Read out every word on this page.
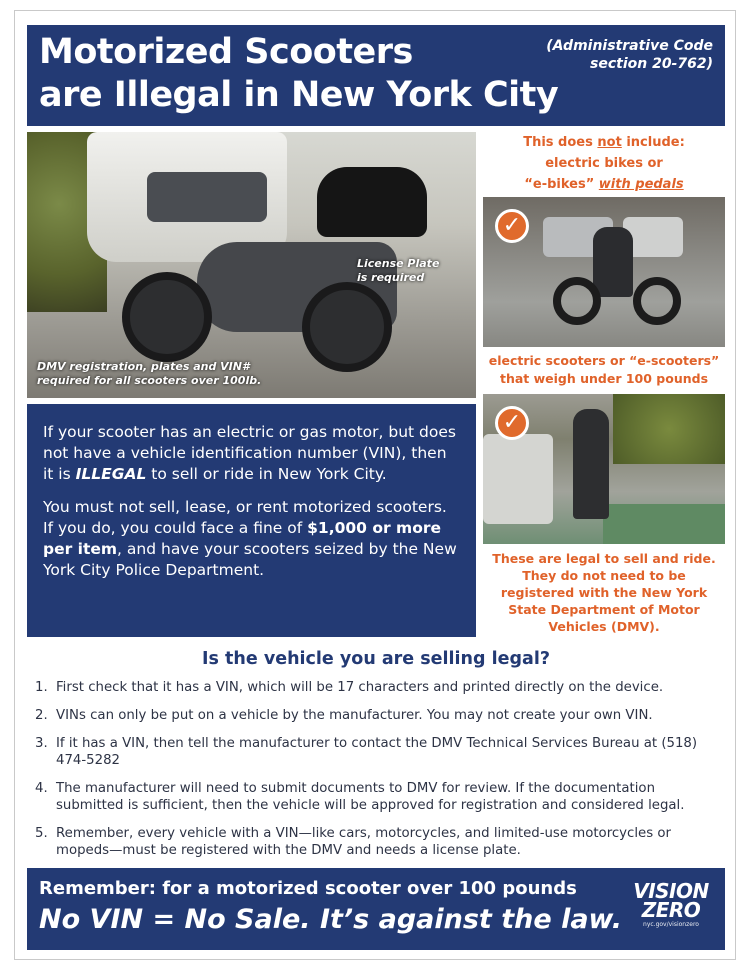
Motorized Scooters
are Illegal in New York City
(Administrative Code
section 20-762)
License Plate
is required
DMV registration, plates and VIN#
required for all scooters over 100lb.
This does not include:
electric bikes or
“e-bikes” with pedals
✓
electric scooters or “e-scooters”
that weigh under 100 pounds
✓
These are legal to sell and ride.
They do not need to be
registered with the New York
State Department of Motor
Vehicles (DMV).

If your scooter has an electric or gas motor, but does not have a vehicle identification number (VIN), then it is ILLEGAL to sell or ride in New York City.

You must not sell, lease, or rent motorized scooters. If you do, you could face a fine of $1,000 or more per item, and have your scooters seized by the New York City Police Department.

Is the vehicle you are selling legal?
1. First check that it has a VIN, which will be 17 characters and printed directly on the device.
2. VINs can only be put on a vehicle by the manufacturer. You may not create your own VIN.
3. If it has a VIN, then tell the manufacturer to contact the DMV Technical Services Bureau at (518) 474-5282
4. The manufacturer will need to submit documents to DMV for review. If the documentation submitted is sufficient, then the vehicle will be approved for registration and considered legal.
5. Remember, every vehicle with a VIN—like cars, motorcycles, and limited-use motorcycles or mopeds—must be registered with the DMV and needs a license plate.
Remember: for a motorized scooter over 100 pounds
No VIN = No Sale. It’s against the law.
VISION
ZERO
nyc.gov/visionzero
